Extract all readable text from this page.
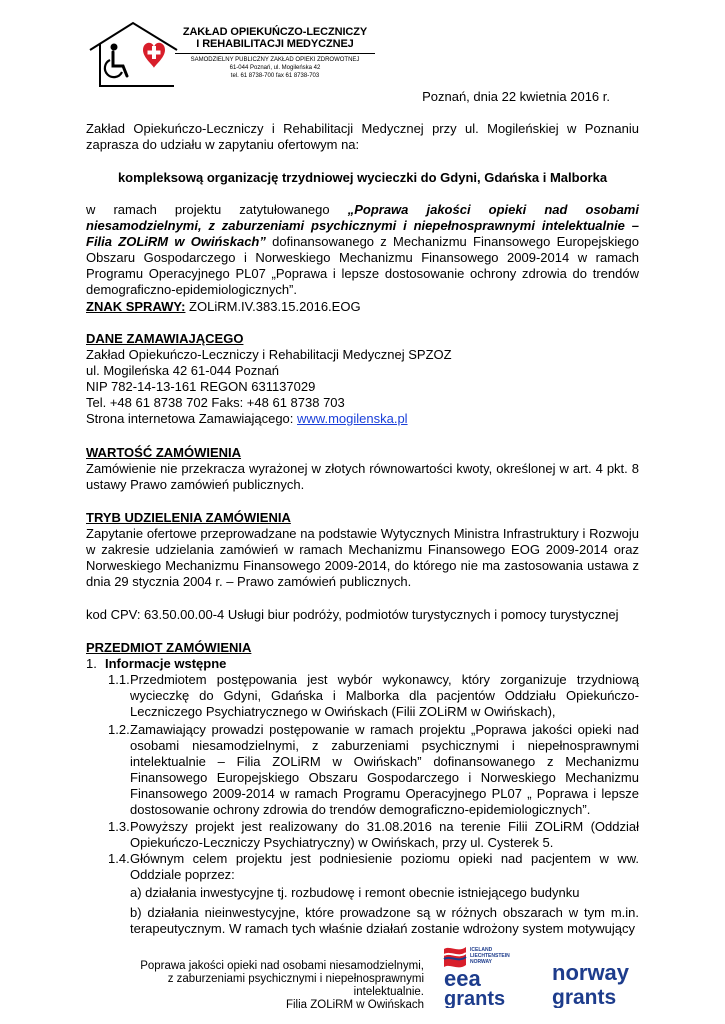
ZAKŁAD OPIEKUŃCZO-LECZNICZY
I REHABILITACJI MEDYCZNEJ
SAMODZIELNY PUBLICZNY ZAKŁAD OPIEKI ZDROWOTNEJ
61-044 Poznań, ul. Mogileńska 42
tel. 61 8738-700 fax 61 8738-703
Poznań, dnia 22 kwietnia 2016 r.
Zakład Opiekuńczo-Leczniczy i Rehabilitacji Medycznej przy ul. Mogileńskiej w Poznaniu zaprasza do udziału w zapytaniu ofertowym na:
kompleksową organizację trzydniowej wycieczki do Gdyni, Gdańska i Malborka
w ramach projektu zatytułowanego „Poprawa jakości opieki nad osobami niesamodzielnymi, z zaburzeniami psychicznymi i niepełnosprawnymi intelektualnie – Filia ZOLiRM w Owińskach” dofinansowanego z Mechanizmu Finansowego Europejskiego Obszaru Gospodarczego i Norweskiego Mechanizmu Finansowego 2009-2014 w ramach Programu Operacyjnego PL07 „Poprawa i lepsze dostosowanie ochrony zdrowia do trendów demograficzno-epidemiologicznych”.
ZNAK SPRAWY: ZOLiRM.IV.383.15.2016.EOG
DANE ZAMAWIAJĄCEGO
Zakład Opiekuńczo-Leczniczy i Rehabilitacji Medycznej SPZOZ
ul. Mogileńska 42 61-044 Poznań
NIP 782-14-13-161 REGON 631137029
Tel. +48 61 8738 702 Faks: +48 61 8738 703
Strona internetowa Zamawiającego: www.mogilenska.pl
WARTOŚĆ ZAMÓWIENIA
Zamówienie nie przekracza wyrażonej w złotych równowartości kwoty, określonej w art. 4 pkt. 8 ustawy Prawo zamówień publicznych.
TRYB UDZIELENIA ZAMÓWIENIA
Zapytanie ofertowe przeprowadzane na podstawie Wytycznych Ministra Infrastruktury i Rozwoju w zakresie udzielania zamówień w ramach Mechanizmu Finansowego EOG 2009-2014 oraz Norweskiego Mechanizmu Finansowego 2009-2014, do którego nie ma zastosowania ustawa z dnia 29 stycznia 2004 r. – Prawo zamówień publicznych.
kod CPV: 63.50.00.00-4 Usługi biur podróży, podmiotów turystycznych i pomocy turystycznej
PRZEDMIOT ZAMÓWIENIA
1. Informacje wstępne
1.1. Przedmiotem postępowania jest wybór wykonawcy, który zorganizuje trzydniową wycieczkę do Gdyni, Gdańska i Malborka dla pacjentów Oddziału Opiekuńczo-Leczniczego Psychiatrycznego w Owińskach (Filii ZOLiRM w Owińskach),
1.2. Zamawiający prowadzi postępowanie w ramach projektu „Poprawa jakości opieki nad osobami niesamodzielnymi, z zaburzeniami psychicznymi i niepełnosprawnymi intelektualnie – Filia ZOLiRM w Owińskach” dofinansowanego z Mechanizmu Finansowego Europejskiego Obszaru Gospodarczego i Norweskiego Mechanizmu Finansowego 2009-2014 w ramach Programu Operacyjnego PL07 „ Poprawa i lepsze dostosowanie ochrony zdrowia do trendów demograficzno-epidemiologicznych”.
1.3. Powyższy projekt jest realizowany do 31.08.2016 na terenie Filii ZOLiRM (Oddział Opiekuńczo-Leczniczy Psychiatryczny) w Owińskach, przy ul. Cysterek 5.
1.4. Głównym celem projektu jest podniesienie poziomu opieki nad pacjentem w ww. Oddziale poprzez:
a) działania inwestycyjne tj. rozbudowę i remont obecnie istniejącego budynku
b) działania nieinwestycyjne, które prowadzone są w różnych obszarach w tym m.in. terapeutycznym. W ramach tych właśnie działań zostanie wdrożony system motywujący
Poprawa jakości opieki nad osobami niesamodzielnymi,
z zaburzeniami psychicznymi i niepełnosprawnymi intelektualnie.
Filia ZOLiRM w Owińskach
ICELAND
LIECHTENSTEIN
NORWAY
eea
grants
norway
grants
